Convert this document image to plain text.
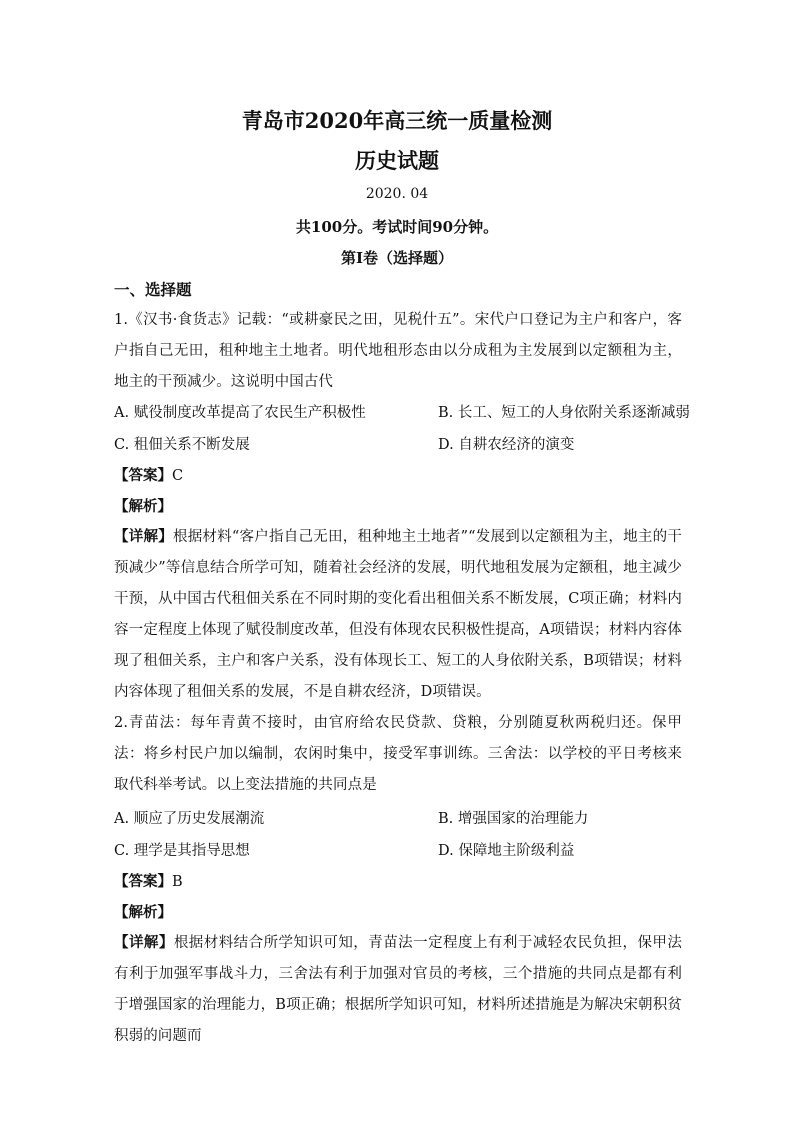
青岛市2020年高三统一质量检测
历史试题
2020. 04
共100分。考试时间90分钟。
第I卷（选择题）
一、选择题
1.《汉书·食货志》记载：“或耕豪民之田，见税什五”。宋代户口登记为主户和客户，客户指自己无田，租种地主土地者。明代地租形态由以分成租为主发展到以定额租为主，地主的干预减少。这说明中国古代
A. 赋役制度改革提高了农民生产积极性	B. 长工、短工的人身依附关系逐渐减弱
C. 租佃关系不断发展	D. 自耕农经济的演变
【答案】C
【解析】
【详解】根据材料“客户指自己无田，租种地主土地者”“发展到以定额租为主，地主的干预减少”等信息结合所学可知，随着社会经济的发展，明代地租发展为定额租，地主减少干预，从中国古代租佃关系在不同时期的变化看出租佃关系不断发展，C项正确；材料内容一定程度上体现了赋役制度改革，但没有体现农民积极性提高，A项错误；材料内容体现了租佃关系，主户和客户关系，没有体现长工、短工的人身依附关系，B项错误；材料内容体现了租佃关系的发展，不是自耕农经济，D项错误。
2.青苗法：每年青黄不接时，由官府给农民贷款、贷粮，分别随夏秋两税归还。保甲法：将乡村民户加以编制，农闲时集中，接受军事训练。三舍法：以学校的平日考核来取代科举考试。以上变法措施的共同点是
A. 顺应了历史发展潮流	B. 增强国家的治理能力
C. 理学是其指导思想	D. 保障地主阶级利益
【答案】B
【解析】
【详解】根据材料结合所学知识可知，青苗法一定程度上有利于减轻农民负担，保甲法有利于加强军事战斗力，三舍法有利于加强对官员的考核，三个措施的共同点是都有利于增强国家的治理能力，B项正确；根据所学知识可知，材料所述措施是为解决宋朝积贫积弱的问题而
